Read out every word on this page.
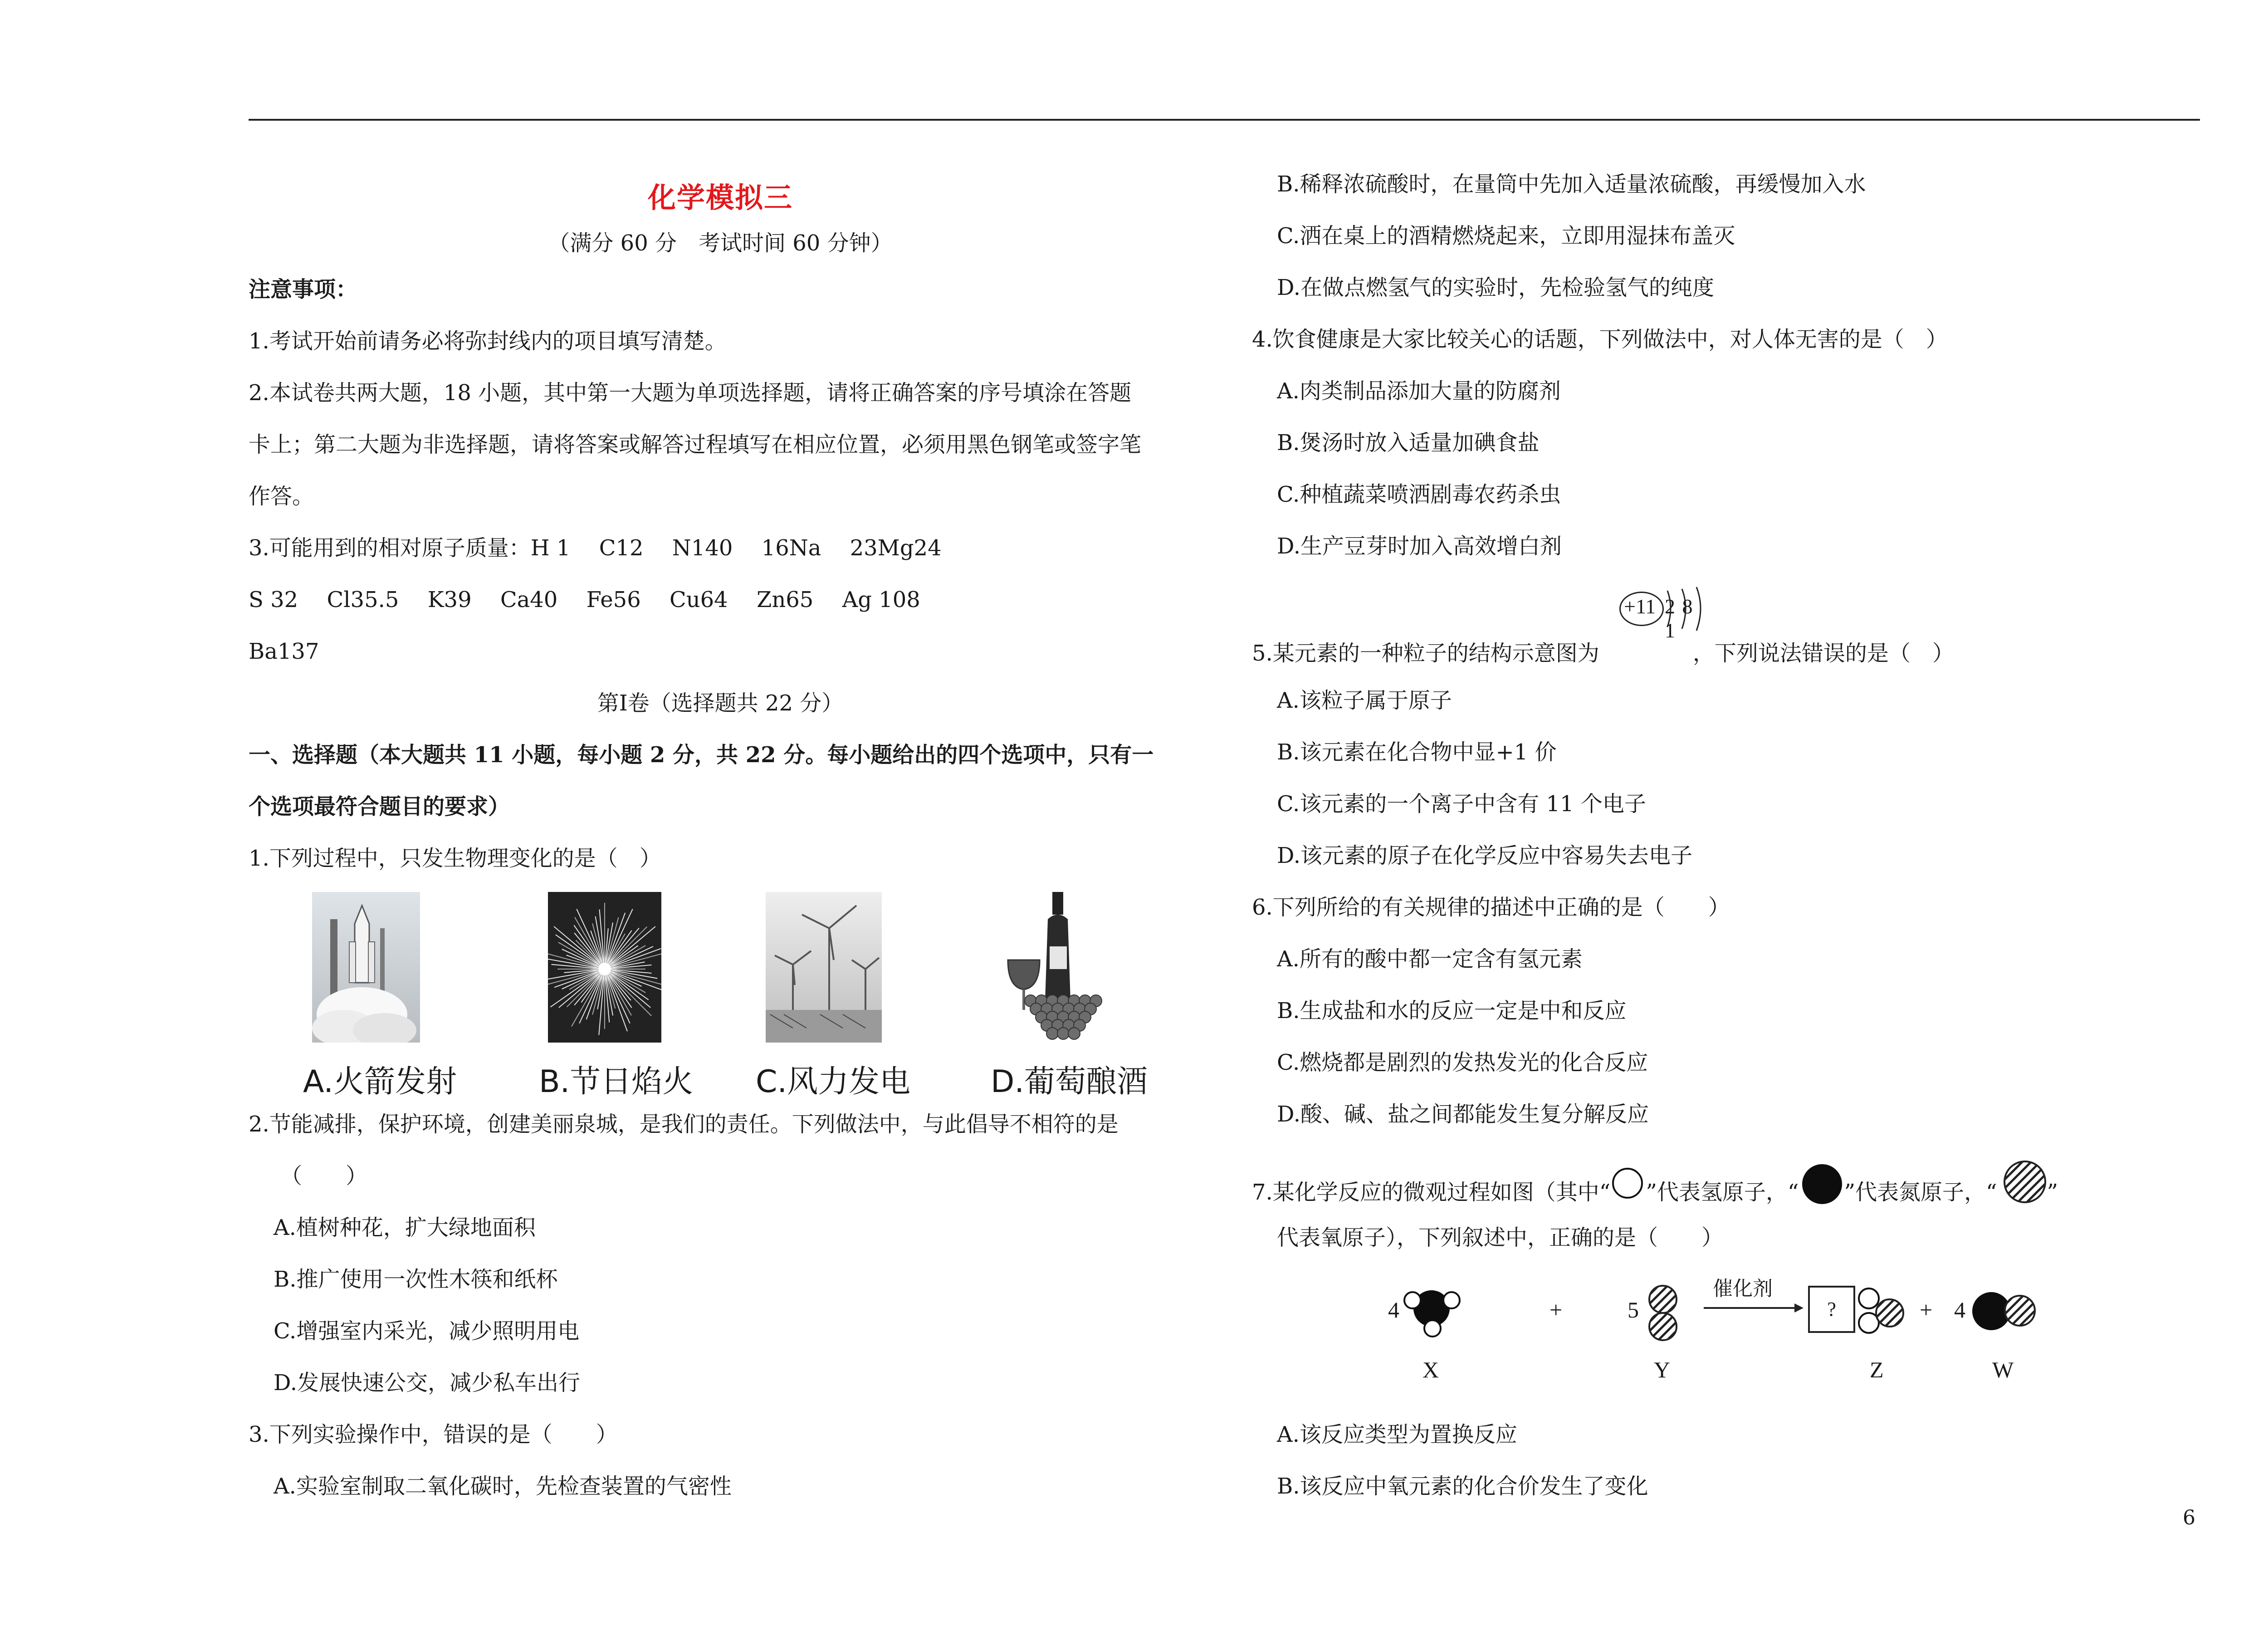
化学模拟三
（满分 60 分　考试时间 60 分钟）
注意事项：
1.考试开始前请务必将弥封线内的项目填写清楚。
2.本试卷共两大题，18 小题，其中第一大题为单项选择题，请将正确答案的序号填涂在答题
卡上；第二大题为非选择题，请将答案或解答过程填写在相应位置，必须用黑色钢笔或签字笔
作答。
3.可能用到的相对原子质量：H 1　 C12　 N140　 16Na　 23Mg24
S 32　 Cl35.5　 K39　 Ca40　 Fe56　 Cu64　 Zn65　 Ag 108
Ba137
第Ⅰ卷（选择题共 22 分）
一、选择题（本大题共 11 小题，每小题 2 分，共 22 分。每小题给出的四个选项中，只有一
个选项最符合题目的要求）
1.下列过程中，只发生物理变化的是（　）
A.火箭发射	B.节日焰火 C.风力发电	D.葡萄酿酒
2.节能减排，保护环境，创建美丽泉城，是我们的责任。下列做法中，与此倡导不相符的是
（　　）
A.植树种花，扩大绿地面积
B.推广使用一次性木筷和纸杯
C.增强室内采光，减少照明用电
D.发展快速公交，减少私车出行
3.下列实验操作中，错误的是（　　）
A.实验室制取二氧化碳时，先检查装置的气密性
B.稀释浓硫酸时，在量筒中先加入适量浓硫酸，再缓慢加入水
C.洒在桌上的酒精燃烧起来，立即用湿抹布盖灭
D.在做点燃氢气的实验时，先检验氢气的纯度
4.饮食健康是大家比较关心的话题，下列做法中，对人体无害的是（　）
A.肉类制品添加大量的防腐剂
B.煲汤时放入适量加碘食盐
C.种植蔬菜喷洒剧毒农药杀虫
D.生产豆芽时加入高效增白剂
+11 2 8 1
5.某元素的一种粒子的结构示意图为	，下列说法错误的是（　）
A.该粒子属于原子
B.该元素在化合物中显+1 价
C.该元素的一个离子中含有 11 个电子
D.该元素的原子在化学反应中容易失去电子
6.下列所给的有关规律的描述中正确的是（　　）
A.所有的酸中都一定含有氢元素
B.生成盐和水的反应一定是中和反应
C.燃烧都是剧烈的发热发光的化合反应
D.酸、碱、盐之间都能发生复分解反应
7.某化学反应的微观过程如图（其中“ ”代表氢原子，“ ”代表氮原子，“ ”
代表氧原子），下列叙述中，正确的是（　　）
4	+	5
催化剂
?	+ 4
X	Y	Z	W
A.该反应类型为置换反应
B.该反应中氧元素的化合价发生了变化
6
